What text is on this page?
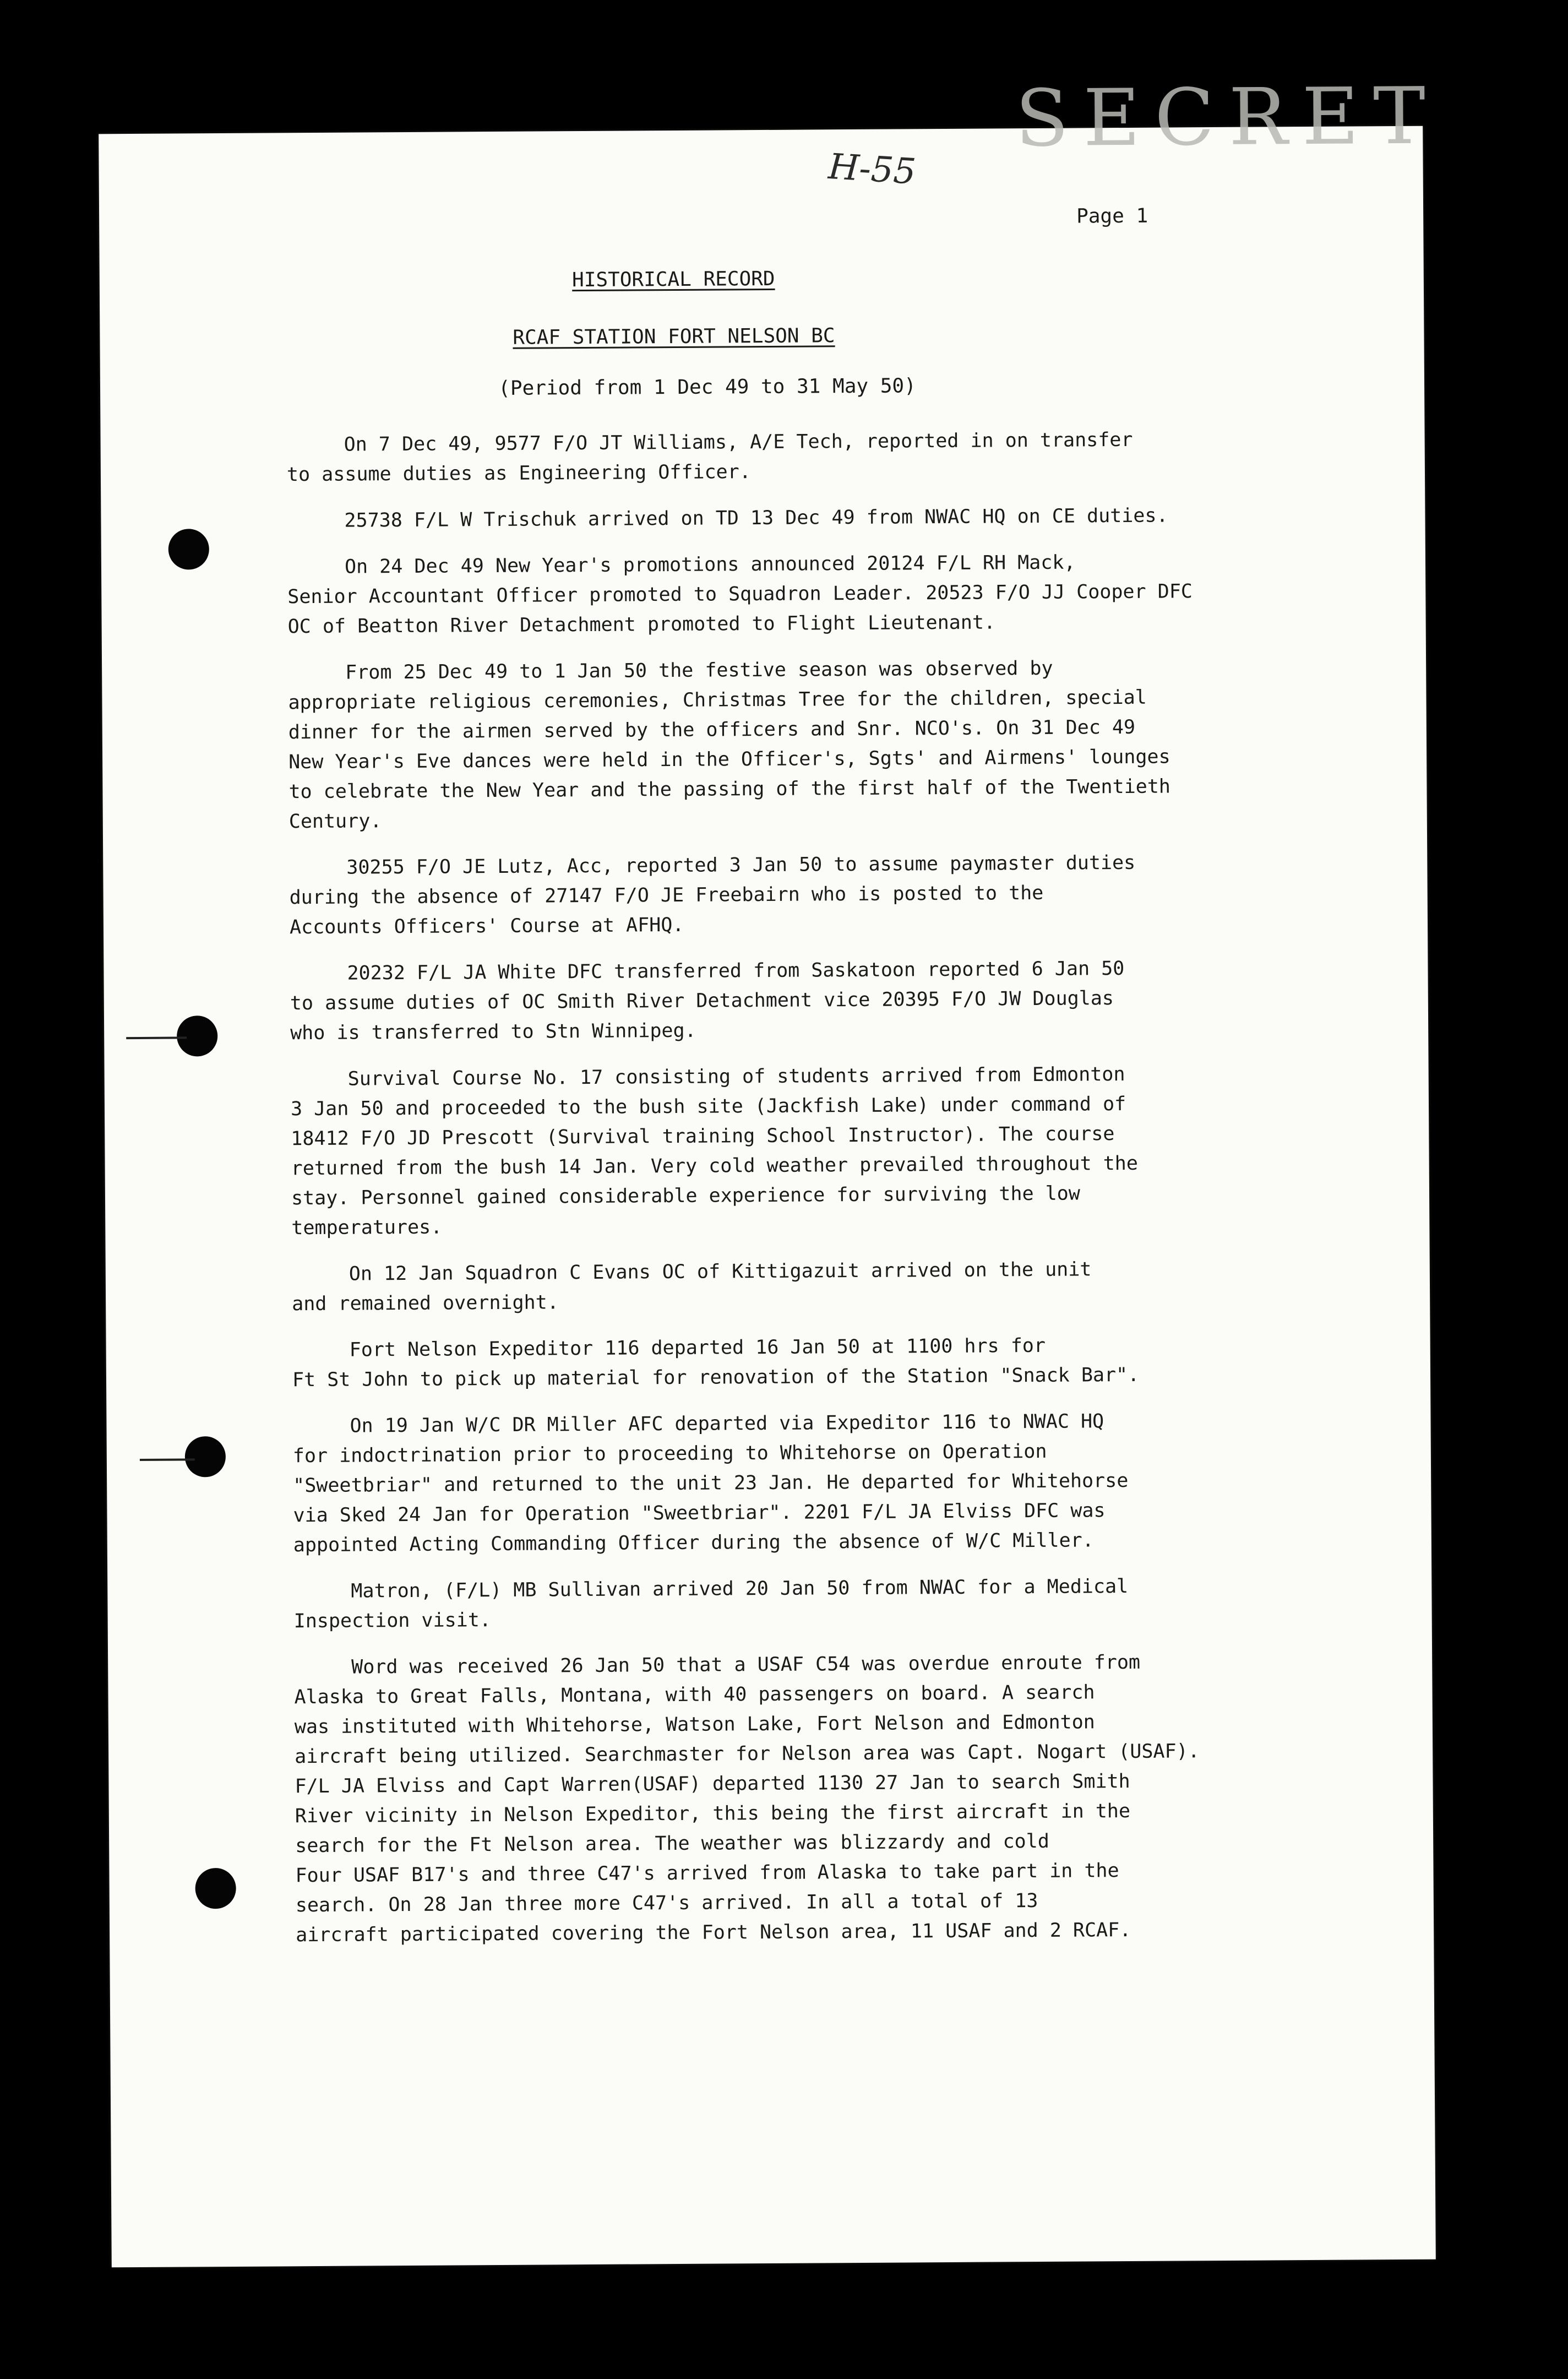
SECRET
H-55
Page 1
HISTORICAL RECORD
RCAF STATION FORT NELSON BC
(Period from 1 Dec 49 to 31 May 50)

On 7 Dec 49, 9577 F/O JT Williams, A/E Tech, reported in on transfer
to assume duties as Engineering Officer.

25738 F/L W Trischuk arrived on TD 13 Dec 49 from NWAC HQ on CE duties.

On 24 Dec 49 New Year's promotions announced 20124 F/L RH Mack,
Senior Accountant Officer promoted to Squadron Leader. 20523 F/O JJ Cooper DFC
OC of Beatton River Detachment promoted to Flight Lieutenant.

From 25 Dec 49 to 1 Jan 50 the festive season was observed by
appropriate religious ceremonies, Christmas Tree for the children, special
dinner for the airmen served by the officers and Snr. NCO's. On 31 Dec 49
New Year's Eve dances were held in the Officer's, Sgts' and Airmens' lounges
to celebrate the New Year and the passing of the first half of the Twentieth
Century.

30255 F/O JE Lutz, Acc, reported 3 Jan 50 to assume paymaster duties
during the absence of 27147 F/O JE Freebairn who is posted to the
Accounts Officers' Course at AFHQ.

20232 F/L JA White DFC transferred from Saskatoon reported 6 Jan 50
to assume duties of OC Smith River Detachment vice 20395 F/O JW Douglas
who is transferred to Stn Winnipeg.

Survival Course No. 17 consisting of students arrived from Edmonton
3 Jan 50 and proceeded to the bush site (Jackfish Lake) under command of
18412 F/O JD Prescott (Survival training School Instructor). The course
returned from the bush 14 Jan. Very cold weather prevailed throughout the
stay. Personnel gained considerable experience for surviving the low
temperatures.

On 12 Jan Squadron C Evans OC of Kittigazuit arrived on the unit
and remained overnight.

Fort Nelson Expeditor 116 departed 16 Jan 50 at 1100 hrs for
Ft St John to pick up material for renovation of the Station "Snack Bar".

On 19 Jan W/C DR Miller AFC departed via Expeditor 116 to NWAC HQ
for indoctrination prior to proceeding to Whitehorse on Operation
"Sweetbriar" and returned to the unit 23 Jan. He departed for Whitehorse
via Sked 24 Jan for Operation "Sweetbriar". 2201 F/L JA Elviss DFC was
appointed Acting Commanding Officer during the absence of W/C Miller.

Matron, (F/L) MB Sullivan arrived 20 Jan 50 from NWAC for a Medical
Inspection visit.

Word was received 26 Jan 50 that a USAF C54 was overdue enroute from
Alaska to Great Falls, Montana, with 40 passengers on board. A search
was instituted with Whitehorse, Watson Lake, Fort Nelson and Edmonton
aircraft being utilized. Searchmaster for Nelson area was Capt. Nogart (USAF).
F/L JA Elviss and Capt Warren(USAF) departed 1130 27 Jan to search Smith
River vicinity in Nelson Expeditor, this being the first aircraft in the
search for the Ft Nelson area. The weather was blizzardy and cold
Four USAF B17's and three C47's arrived from Alaska to take part in the
search. On 28 Jan three more C47's arrived. In all a total of 13
aircraft participated covering the Fort Nelson area, 11 USAF and 2 RCAF.
